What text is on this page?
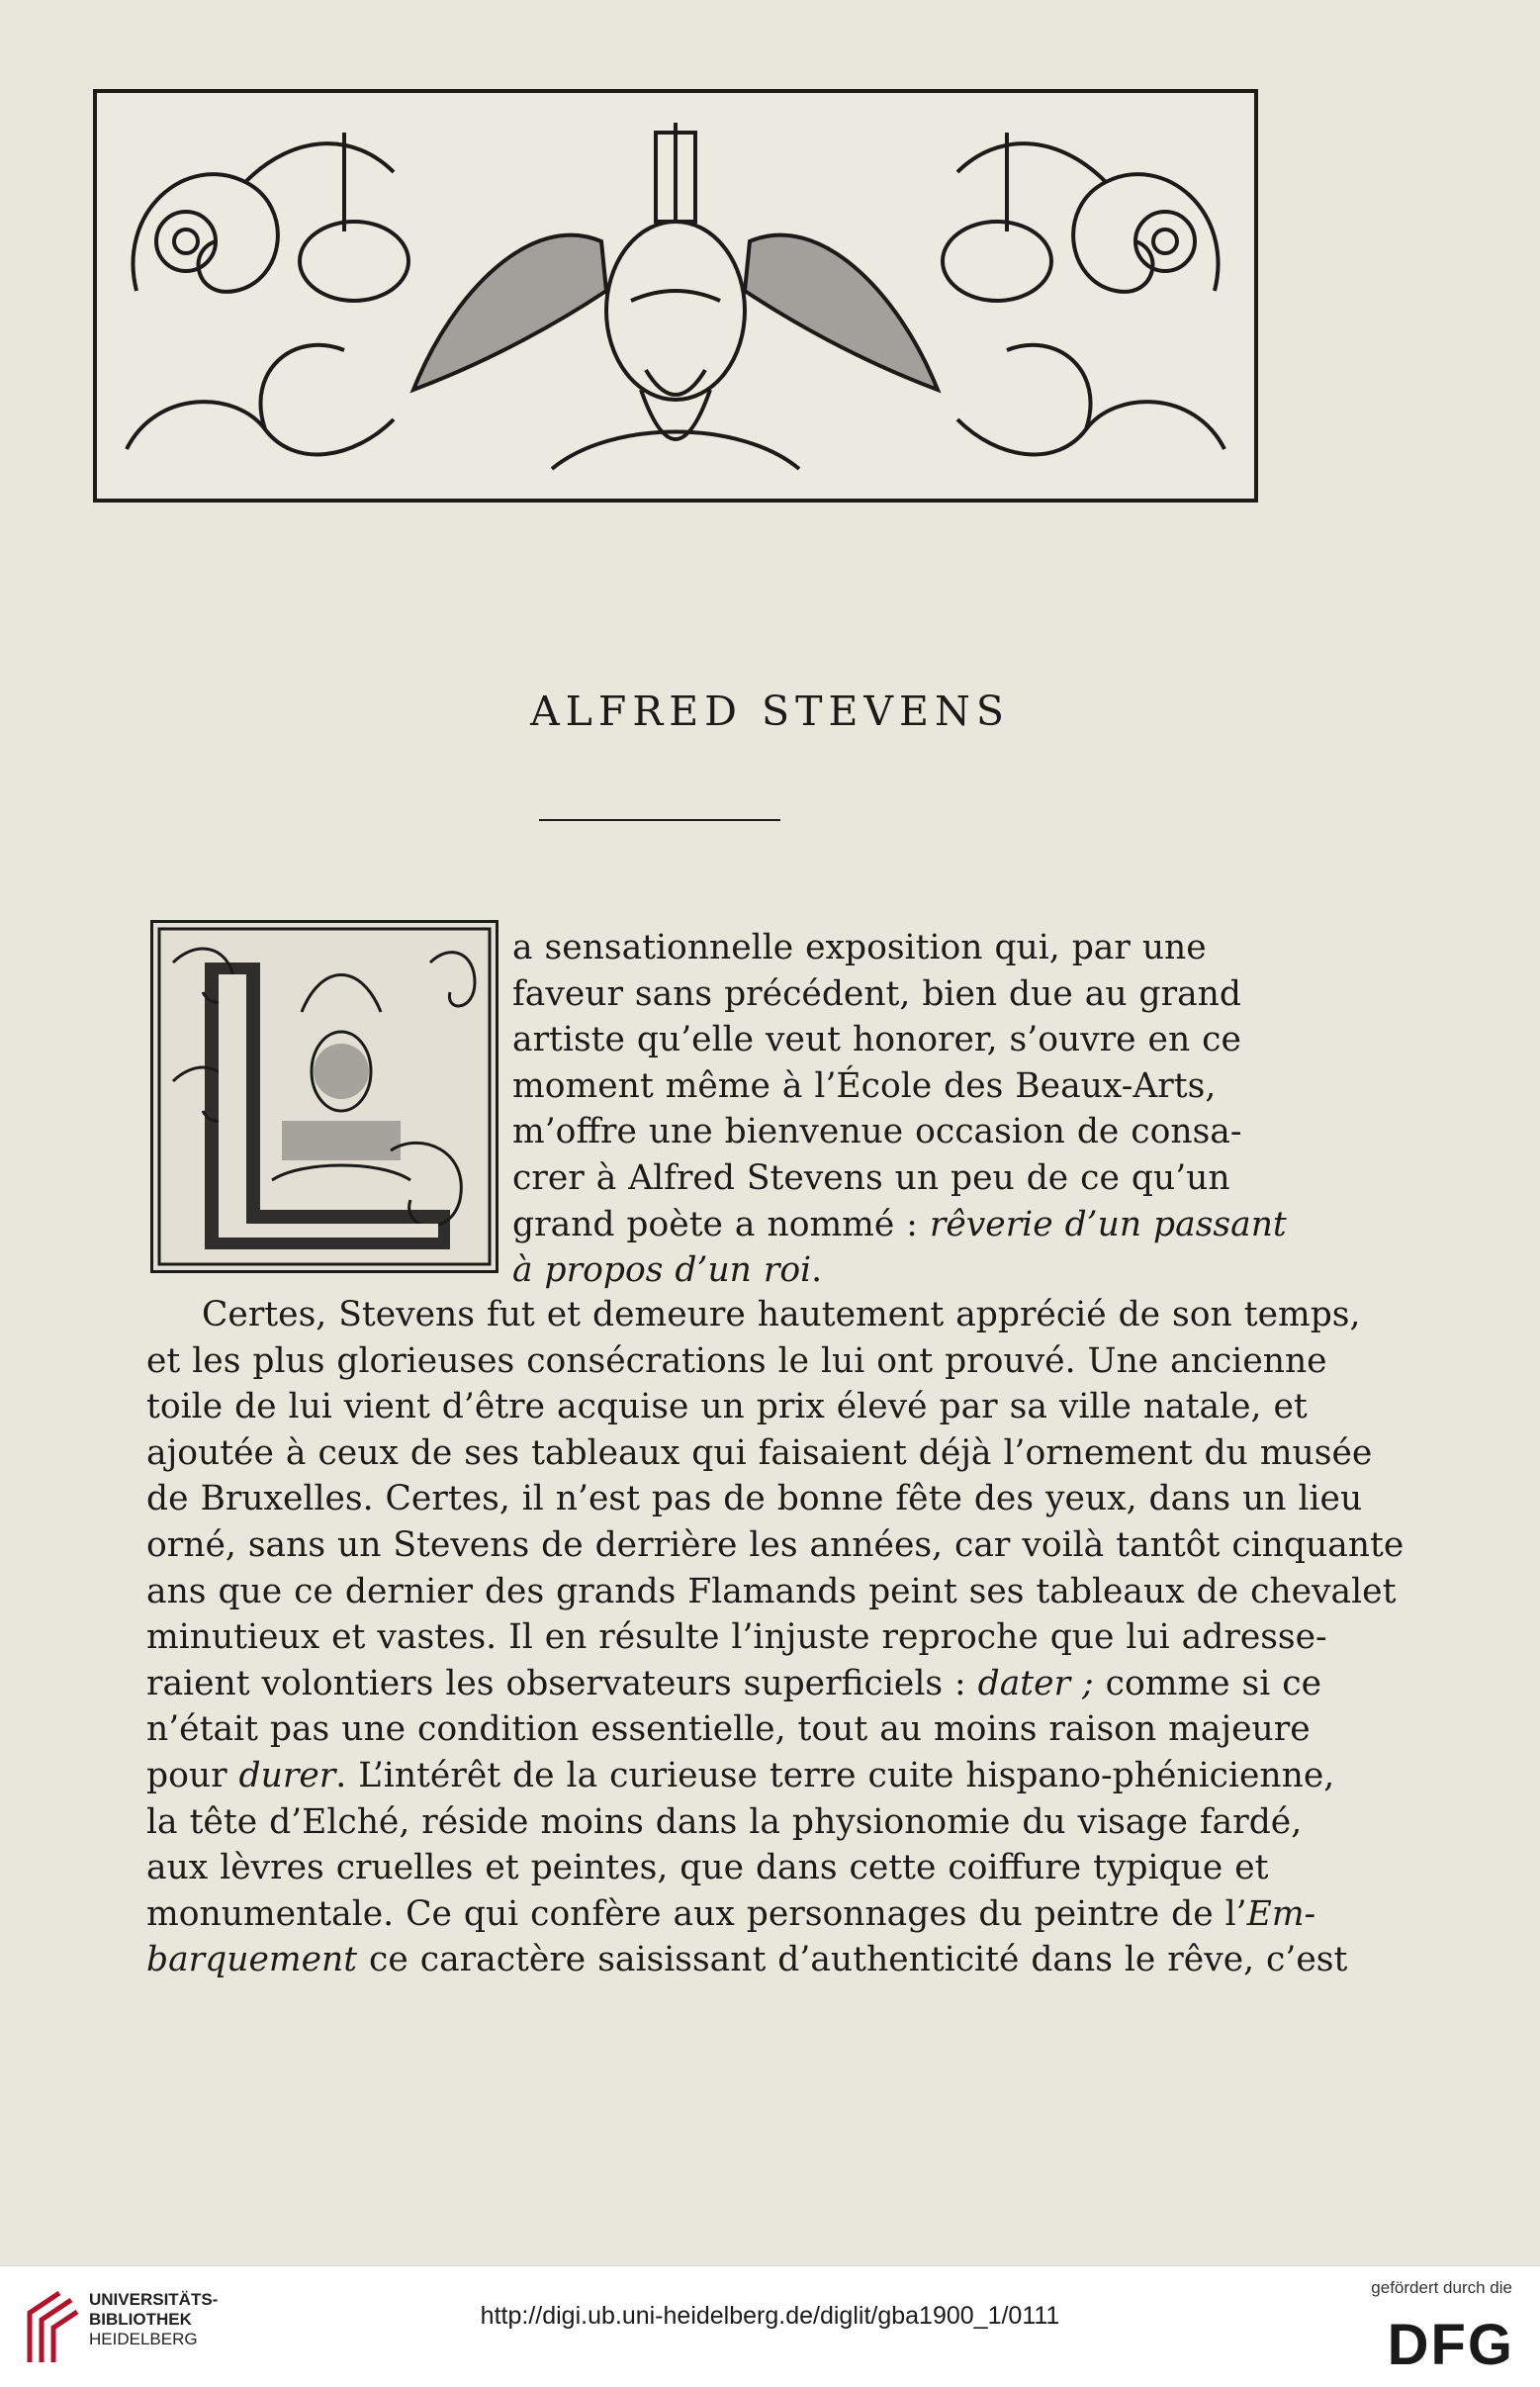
ALFRED STEVENS
a sensationnelle exposition qui, par une
faveur sans précédent, bien due au grand
artiste qu’elle veut honorer, s’ouvre en ce
moment même à l’École des Beaux-Arts,
m’offre une bienvenue occasion de consa-
crer à Alfred Stevens un peu de ce qu’un
grand poète a nommé : rêverie d’un passant
à propos d’un roi.
Certes, Stevens fut et demeure hautement apprécié de son temps,
et les plus glorieuses consécrations le lui ont prouvé. Une ancienne
toile de lui vient d’être acquise un prix élevé par sa ville natale, et
ajoutée à ceux de ses tableaux qui faisaient déjà l’ornement du musée
de Bruxelles. Certes, il n’est pas de bonne fête des yeux, dans un lieu
orné, sans un Stevens de derrière les années, car voilà tantôt cinquante
ans que ce dernier des grands Flamands peint ses tableaux de chevalet
minutieux et vastes. Il en résulte l’injuste reproche que lui adresse-
raient volontiers les observateurs superficiels : dater ; comme si ce
n’était pas une condition essentielle, tout au moins raison majeure
pour durer. L’intérêt de la curieuse terre cuite hispano-phénicienne,
la tête d’Elché, réside moins dans la physionomie du visage fardé,
aux lèvres cruelles et peintes, que dans cette coiffure typique et
monumentale. Ce qui confère aux personnages du peintre de l’Em-
barquement ce caractère saisissant d’authenticité dans le rêve, c’est
UNIVERSITÄTS-
BIBLIOTHEK
HEIDELBERG
http://digi.ub.uni-heidelberg.de/diglit/gba1900_1/0111
gefördert durch die
DFG
